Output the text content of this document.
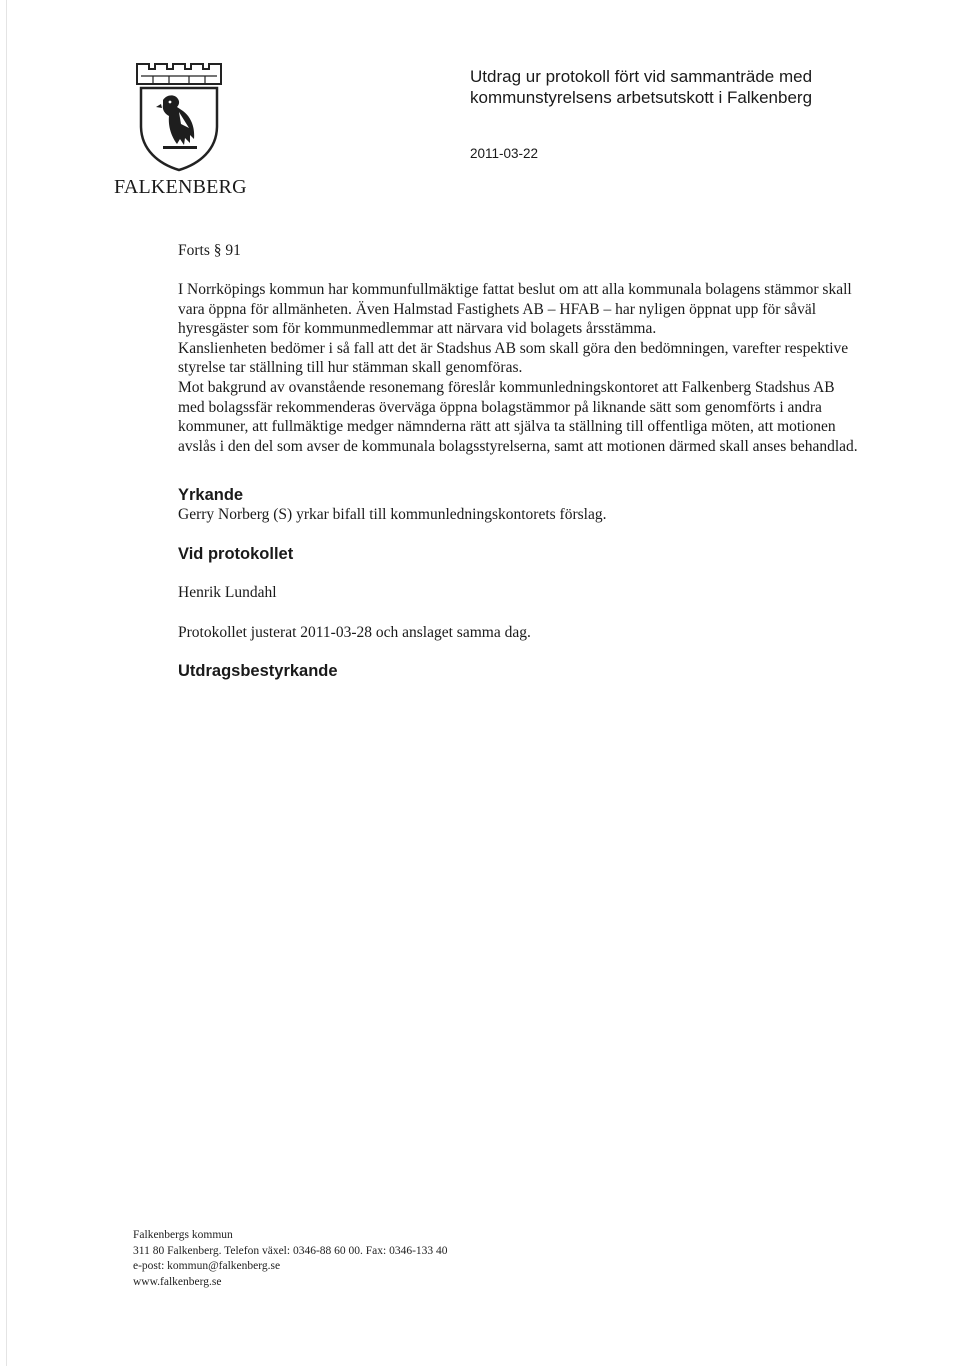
FALKENBERG
Utdrag ur protokoll fört vid sammanträde med
kommunstyrelsens arbetsutskott i Falkenberg
2011-03-22

Forts § 91

I Norrköpings kommun har kommunfullmäktige fattat beslut om att alla kommunala bolagens stämmor skall vara öppna för allmänheten. Även Halmstad Fastighets AB – HFAB – har nyligen öppnat upp för såväl hyresgäster som för kommunmedlemmar att närvara vid bolagets årsstämma.

Kanslienheten bedömer i så fall att det är Stadshus AB som skall göra den bedömningen, varefter respektive styrelse tar ställning till hur stämman skall genomföras.

Mot bakgrund av ovanstående resonemang föreslår kommunledningskontoret att Falkenberg Stadshus AB med bolagssfär rekommenderas överväga öppna bolagstämmor på liknande sätt som genomförts i andra kommuner, att fullmäktige medger nämnderna rätt att själva ta ställning till offentliga möten, att motionen avslås i den del som avser de kommunala bolagsstyrelserna, samt att motionen därmed skall anses behandlad.

Yrkande

Gerry Norberg (S) yrkar bifall till kommunledningskontorets förslag.

Vid protokollet

Henrik Lundahl

Protokollet justerat 2011-03-28 och anslaget samma dag.

Utdragsbestyrkande

Falkenbergs kommun
311 80 Falkenberg. Telefon växel: 0346-88 60 00. Fax: 0346-133 40
e-post: kommun@falkenberg.se
www.falkenberg.se
